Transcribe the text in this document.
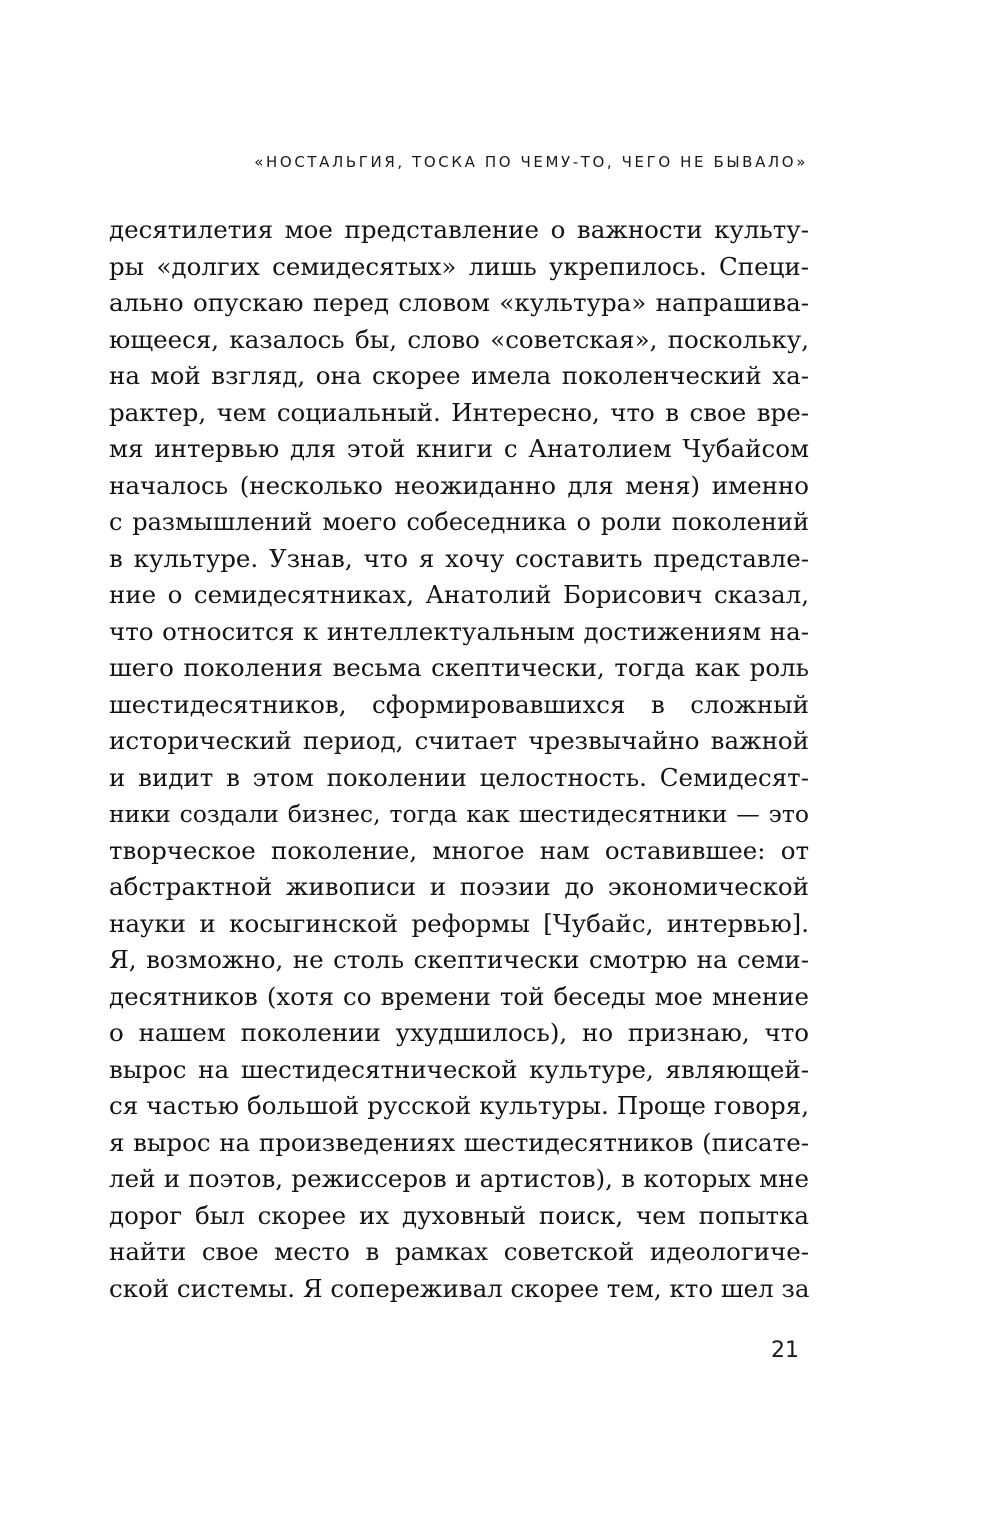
«НОСТАЛЬГИЯ, ТОСКА ПО ЧЕМУ-ТО, ЧЕГО НЕ БЫВАЛО»
десятилетия мое представление о важности культу-
ры «долгих семидесятых» лишь укрепилось. Специ-
ально опускаю перед словом «культура» напрашива-
ющееся, казалось бы, слово «советская», поскольку,
на мой взгляд, она скорее имела поколенческий ха-
рактер, чем социальный. Интересно, что в свое вре-
мя интервью для этой книги с Анатолием Чубайсом
началось (несколько неожиданно для меня) именно
с размышлений моего собеседника о роли поколений
в культуре. Узнав, что я хочу составить представле-
ние о семидесятниках, Анатолий Борисович сказал,
что относится к интеллектуальным достижениям на-
шего поколения весьма скептически, тогда как роль
шестидесятников, сформировавшихся в сложный
исторический период, считает чрезвычайно важной
и видит в этом поколении целостность. Семидесят-
ники создали бизнес, тогда как шестидесятники — это
творческое поколение, многое нам оставившее: от
абстрактной живописи и поэзии до экономической
науки и косыгинской реформы [Чубайс, интервью].
Я, возможно, не столь скептически смотрю на семи-
десятников (хотя со времени той беседы мое мнение
о нашем поколении ухудшилось), но признаю, что
вырос на шестидесятнической культуре, являющей-
ся частью большой русской культуры. Проще говоря,
я вырос на произведениях шестидесятников (писате-
лей и поэтов, режиссеров и артистов), в которых мне
дорог был скорее их духовный поиск, чем попытка
найти свое место в рамках советской идеологиче-
ской системы. Я сопереживал скорее тем, кто шел за
21
